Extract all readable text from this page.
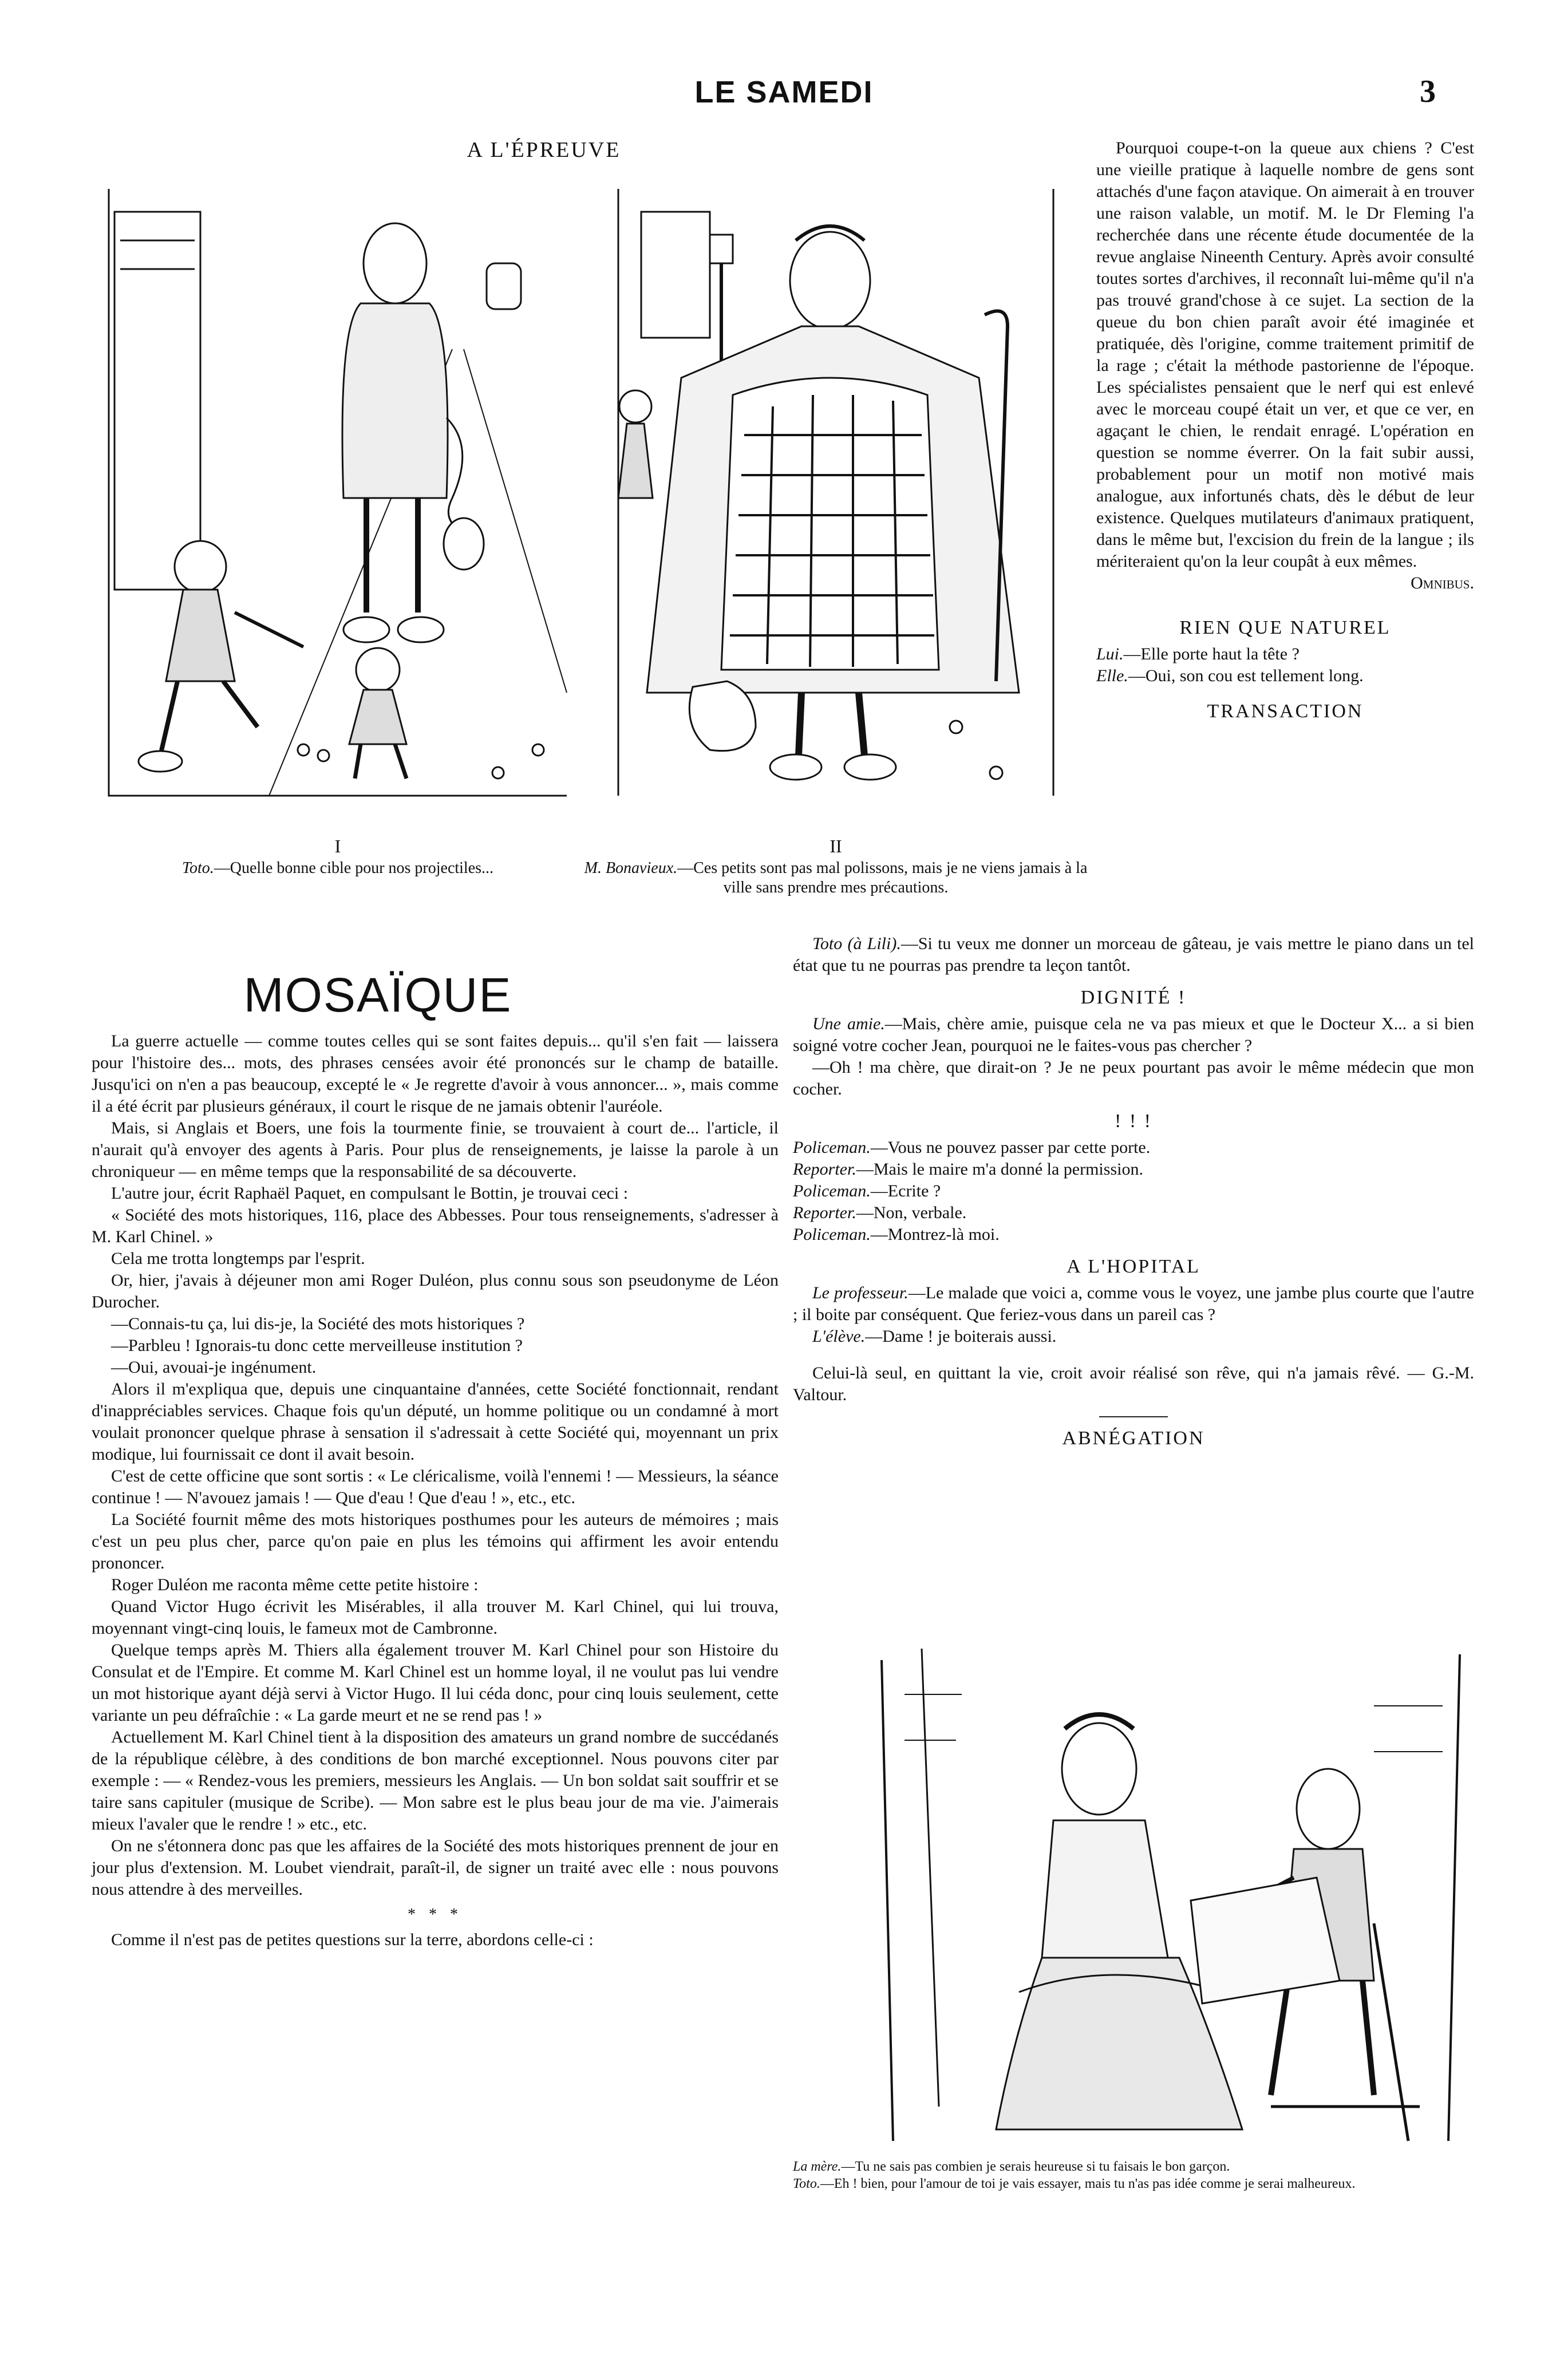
LE SAMEDI	3
A L'ÉPREUVE
I
Toto.—Quelle bonne cible pour nos projectiles...
II
M. Bonavieux.—Ces petits sont pas mal polissons, mais je ne viens jamais à la ville sans prendre mes précautions.

Pourquoi coupe-t-on la queue aux chiens ? C'est une vieille pratique à laquelle nombre de gens sont attachés d'une façon atavique. On aimerait à en trouver une raison valable, un motif. M. le Dr Fleming l'a recherchée dans une récente étude documentée de la revue anglaise Nineenth Century. Après avoir consulté toutes sortes d'archives, il reconnaît lui-même qu'il n'a pas trouvé grand'chose à ce sujet. La section de la queue du bon chien paraît avoir été imaginée et pratiquée, dès l'origine, comme traitement primitif de la rage ; c'était la méthode pastorienne de l'époque. Les spécialistes pensaient que le nerf qui est enlevé avec le morceau coupé était un ver, et que ce ver, en agaçant le chien, le rendait enragé. L'opération en question se nomme éverrer. On la fait subir aussi, probablement pour un motif non motivé mais analogue, aux infortunés chats, dès le début de leur existence. Quelques mutilateurs d'animaux pratiquent, dans le même but, l'excision du frein de la langue ; ils mériteraient qu'on la leur coupât à eux mêmes.

Omnibus.

RIEN QUE NATUREL

Lui.—Elle porte haut la tête ?

Elle.—Oui, son cou est tellement long.

TRANSACTION

Toto (à Lili).—Si tu veux me donner un morceau de gâteau, je vais mettre le piano dans un tel état que tu ne pourras pas prendre ta leçon tantôt.

DIGNITÉ !

Une amie.—Mais, chère amie, puisque cela ne va pas mieux et que le Docteur X... a si bien soigné votre cocher Jean, pourquoi ne le faites-vous pas chercher ?

—Oh ! ma chère, que dirait-on ? Je ne peux pourtant pas avoir le même médecin que mon cocher.

! ! !

Policeman.—Vous ne pouvez passer par cette porte.

Reporter.—Mais le maire m'a donné la permission.

Policeman.—Ecrite ?

Reporter.—Non, verbale.

Policeman.—Montrez-là moi.

A L'HOPITAL

Le professeur.—Le malade que voici a, comme vous le voyez, une jambe plus courte que l'autre ; il boite par conséquent. Que feriez-vous dans un pareil cas ?

L'élève.—Dame ! je boiterais aussi.

Celui-là seul, en quittant la vie, croit avoir réalisé son rêve, qui n'a jamais rêvé. — G.-M. Valtour.

ABNÉGATION
La mère.—Tu ne sais pas combien je serais heureuse si tu faisais le bon garçon.
Toto.—Eh ! bien, pour l'amour de toi je vais essayer, mais tu n'as pas idée comme je serai malheureux.
MOSAÏQUE

La guerre actuelle — comme toutes celles qui se sont faites depuis... qu'il s'en fait — laissera pour l'histoire des... mots, des phrases censées avoir été prononcés sur le champ de bataille. Jusqu'ici on n'en a pas beaucoup, excepté le « Je regrette d'avoir à vous annoncer... », mais comme il a été écrit par plusieurs généraux, il court le risque de ne jamais obtenir l'auréole.

Mais, si Anglais et Boers, une fois la tourmente finie, se trouvaient à court de... l'article, il n'aurait qu'à envoyer des agents à Paris. Pour plus de renseignements, je laisse la parole à un chroniqueur — en même temps que la responsabilité de sa découverte.

L'autre jour, écrit Raphaël Paquet, en compulsant le Bottin, je trouvai ceci :

« Société des mots historiques, 116, place des Abbesses. Pour tous renseignements, s'adresser à M. Karl Chinel. »

Cela me trotta longtemps par l'esprit.

Or, hier, j'avais à déjeuner mon ami Roger Duléon, plus connu sous son pseudonyme de Léon Durocher.

—Connais-tu ça, lui dis-je, la Société des mots historiques ?

—Parbleu ! Ignorais-tu donc cette merveilleuse institution ?

—Oui, avouai-je ingénument.

Alors il m'expliqua que, depuis une cinquantaine d'années, cette Société fonctionnait, rendant d'inappréciables services. Chaque fois qu'un député, un homme politique ou un condamné à mort voulait prononcer quelque phrase à sensation il s'adressait à cette Société qui, moyennant un prix modique, lui fournissait ce dont il avait besoin.

C'est de cette officine que sont sortis : « Le cléricalisme, voilà l'ennemi ! — Messieurs, la séance continue ! — N'avouez jamais ! — Que d'eau ! Que d'eau ! », etc., etc.

La Société fournit même des mots historiques posthumes pour les auteurs de mémoires ; mais c'est un peu plus cher, parce qu'on paie en plus les témoins qui affirment les avoir entendu prononcer.

Roger Duléon me raconta même cette petite histoire :

Quand Victor Hugo écrivit les Misérables, il alla trouver M. Karl Chinel, qui lui trouva, moyennant vingt-cinq louis, le fameux mot de Cambronne.

Quelque temps après M. Thiers alla également trouver M. Karl Chinel pour son Histoire du Consulat et de l'Empire. Et comme M. Karl Chinel est un homme loyal, il ne voulut pas lui vendre un mot historique ayant déjà servi à Victor Hugo. Il lui céda donc, pour cinq louis seulement, cette variante un peu défraîchie : « La garde meurt et ne se rend pas ! »

Actuellement M. Karl Chinel tient à la disposition des amateurs un grand nombre de succédanés de la république célèbre, à des conditions de bon marché exceptionnel. Nous pouvons citer par exemple : — « Rendez-vous les premiers, messieurs les Anglais. — Un bon soldat sait souffrir et se taire sans capituler (musique de Scribe). — Mon sabre est le plus beau jour de ma vie. J'aimerais mieux l'avaler que le rendre ! » etc., etc.

On ne s'étonnera donc pas que les affaires de la Société des mots historiques prennent de jour en jour plus d'extension. M. Loubet viendrait, paraît-il, de signer un traité avec elle : nous pouvons nous attendre à des merveilles.

* * *

Comme il n'est pas de petites questions sur la terre, abordons celle-ci :
